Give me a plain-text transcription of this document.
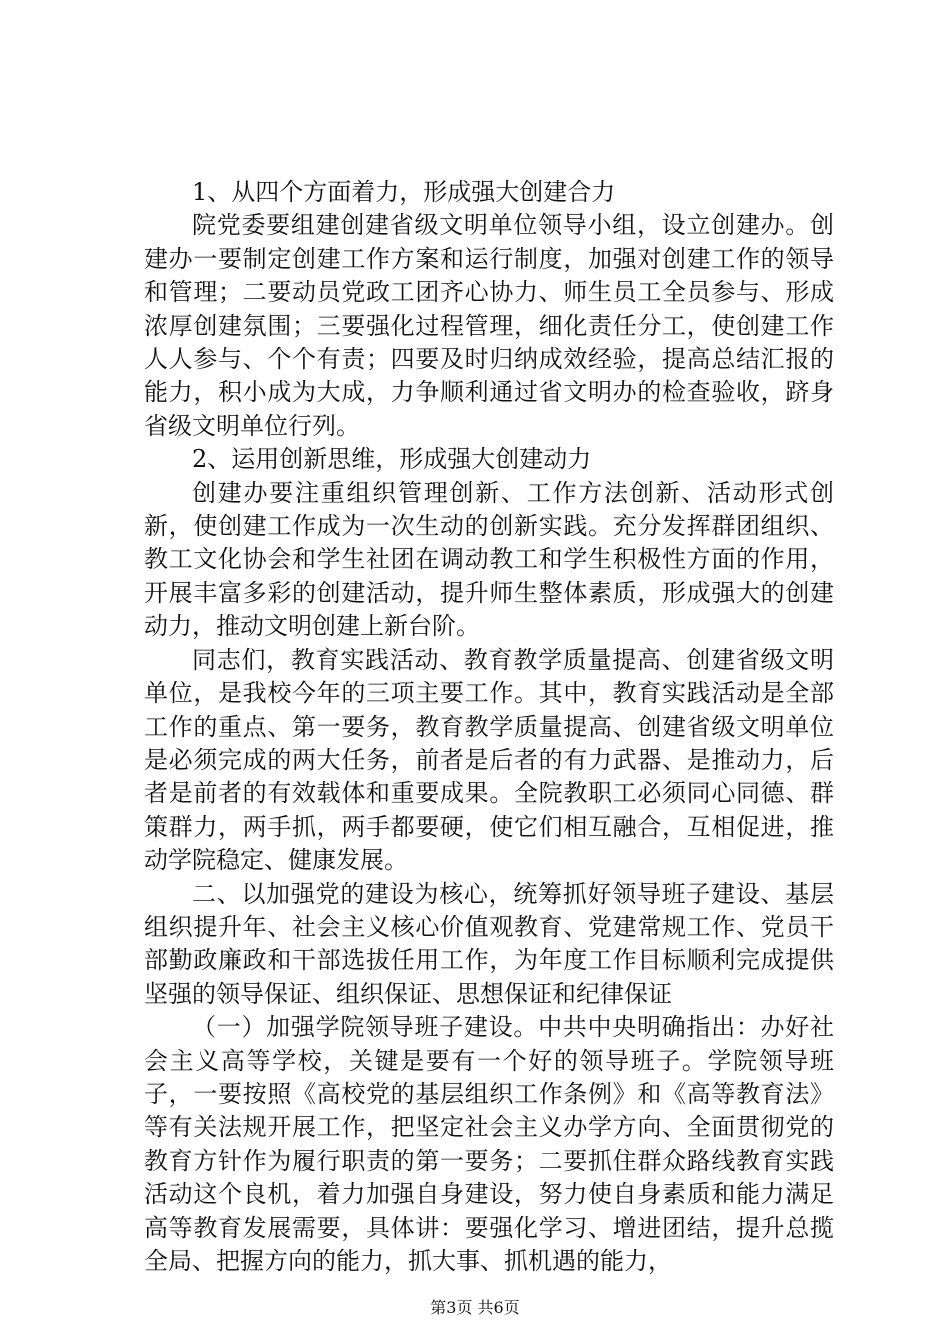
1、从四个方面着力，形成强大创建合力

院党委要组建创建省级文明单位领导小组，设立创建办。创建办一要制定创建工作方案和运行制度，加强对创建工作的领导和管理；二要动员党政工团齐心协力、师生员工全员参与、形成浓厚创建氛围；三要强化过程管理，细化责任分工，使创建工作人人参与、个个有责；四要及时归纳成效经验，提高总结汇报的能力，积小成为大成，力争顺利通过省文明办的检查验收，跻身省级文明单位行列。

2、运用创新思维，形成强大创建动力

创建办要注重组织管理创新、工作方法创新、活动形式创新，使创建工作成为一次生动的创新实践。充分发挥群团组织、教工文化协会和学生社团在调动教工和学生积极性方面的作用，开展丰富多彩的创建活动，提升师生整体素质，形成强大的创建动力，推动文明创建上新台阶。

同志们，教育实践活动、教育教学质量提高、创建省级文明单位，是我校今年的三项主要工作。其中，教育实践活动是全部工作的重点、第一要务，教育教学质量提高、创建省级文明单位是必须完成的两大任务，前者是后者的有力武器、是推动力，后者是前者的有效载体和重要成果。全院教职工必须同心同德、群策群力，两手抓，两手都要硬，使它们相互融合，互相促进，推动学院稳定、健康发展。

二、以加强党的建设为核心，统筹抓好领导班子建设、基层组织提升年、社会主义核心价值观教育、党建常规工作、党员干部勤政廉政和干部选拔任用工作，为年度工作目标顺利完成提供坚强的领导保证、组织保证、思想保证和纪律保证

（一）加强学院领导班子建设。中共中央明确指出：办好社会主义高等学校，关键是要有一个好的领导班子。学院领导班子，一要按照《高校党的基层组织工作条例》和《高等教育法》等有关法规开展工作，把坚定社会主义办学方向、全面贯彻党的教育方针作为履行职责的第一要务；二要抓住群众路线教育实践活动这个良机，着力加强自身建设，努力使自身素质和能力满足高等教育发展需要，具体讲：要强化学习、增进团结，提升总揽全局、把握方向的能力，抓大事、抓机遇的能力，

第3页 共6页
